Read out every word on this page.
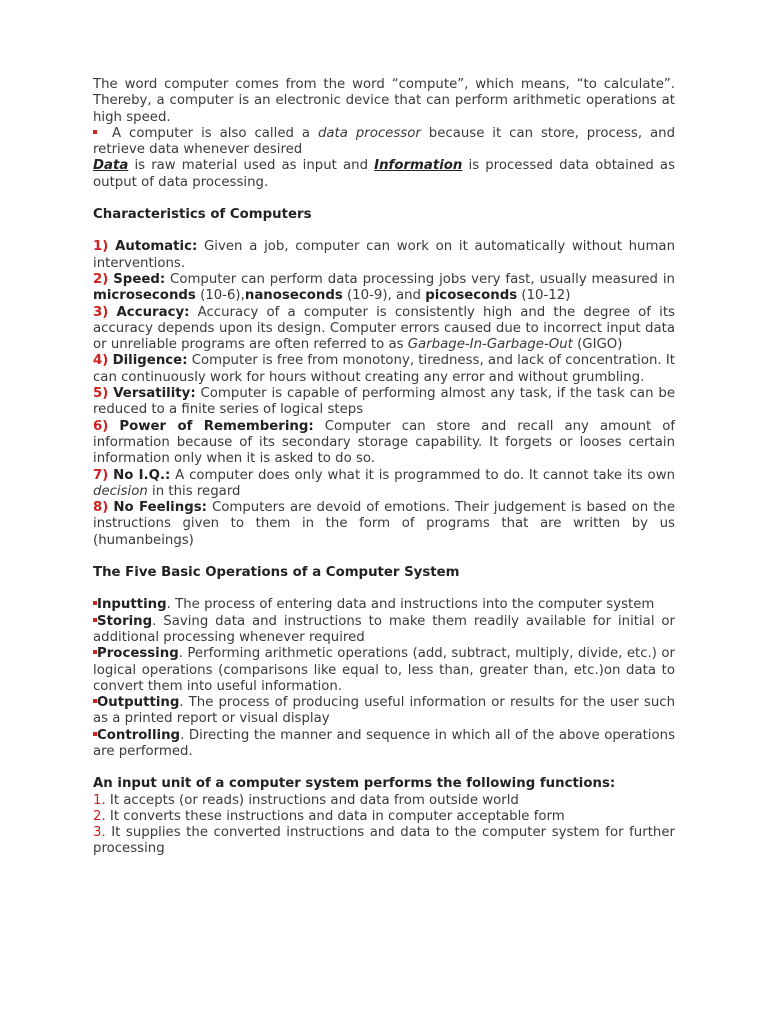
The word computer comes from the word “compute”, which means, “to calculate”. Thereby, a computer is an electronic device that can perform arithmetic operations at high speed.

A computer is also called a data processor because it can store, process, and retrieve data whenever desired

Data is raw material used as input and Information is processed data obtained as output of data processing.

Characteristics of Computers

1) Automatic: Given a job, computer can work on it automatically without human interventions.

2) Speed: Computer can perform data processing jobs very fast, usually measured in microseconds (10-6),nanoseconds (10-9), and picoseconds (10-12)

3) Accuracy: Accuracy of a computer is consistently high and the degree of its accuracy depends upon its design. Computer errors caused due to incorrect input data or unreliable programs are often referred to as Garbage-In-Garbage-Out (GIGO)

4) Diligence: Computer is free from monotony, tiredness, and lack of concentration. It can continuously work for hours without creating any error and without grumbling.

5) Versatility: Computer is capable of performing almost any task, if the task can be reduced to a finite series of logical steps

6) Power of Remembering: Computer can store and recall any amount of information because of its secondary storage capability. It forgets or looses certain information only when it is asked to do so.

7) No I.Q.: A computer does only what it is programmed to do. It cannot take its own decision in this regard

8) No Feelings: Computers are devoid of emotions. Their judgement is based on the instructions given to them in the form of programs that are written by us (humanbeings)

The Five Basic Operations of a Computer System

Inputting. The process of entering data and instructions into the computer system

Storing. Saving data and instructions to make them readily available for initial or additional processing whenever required

Processing. Performing arithmetic operations (add, subtract, multiply, divide, etc.) or logical operations (comparisons like equal to, less than, greater than, etc.)on data to convert them into useful information.

Outputting. The process of producing useful information or results for the user such as a printed report or visual display

Controlling. Directing the manner and sequence in which all of the above operations are performed.

An input unit of a computer system performs the following functions:

1. It accepts (or reads) instructions and data from outside world

2. It converts these instructions and data in computer acceptable form

3. It supplies the converted instructions and data to the computer system for further processing
